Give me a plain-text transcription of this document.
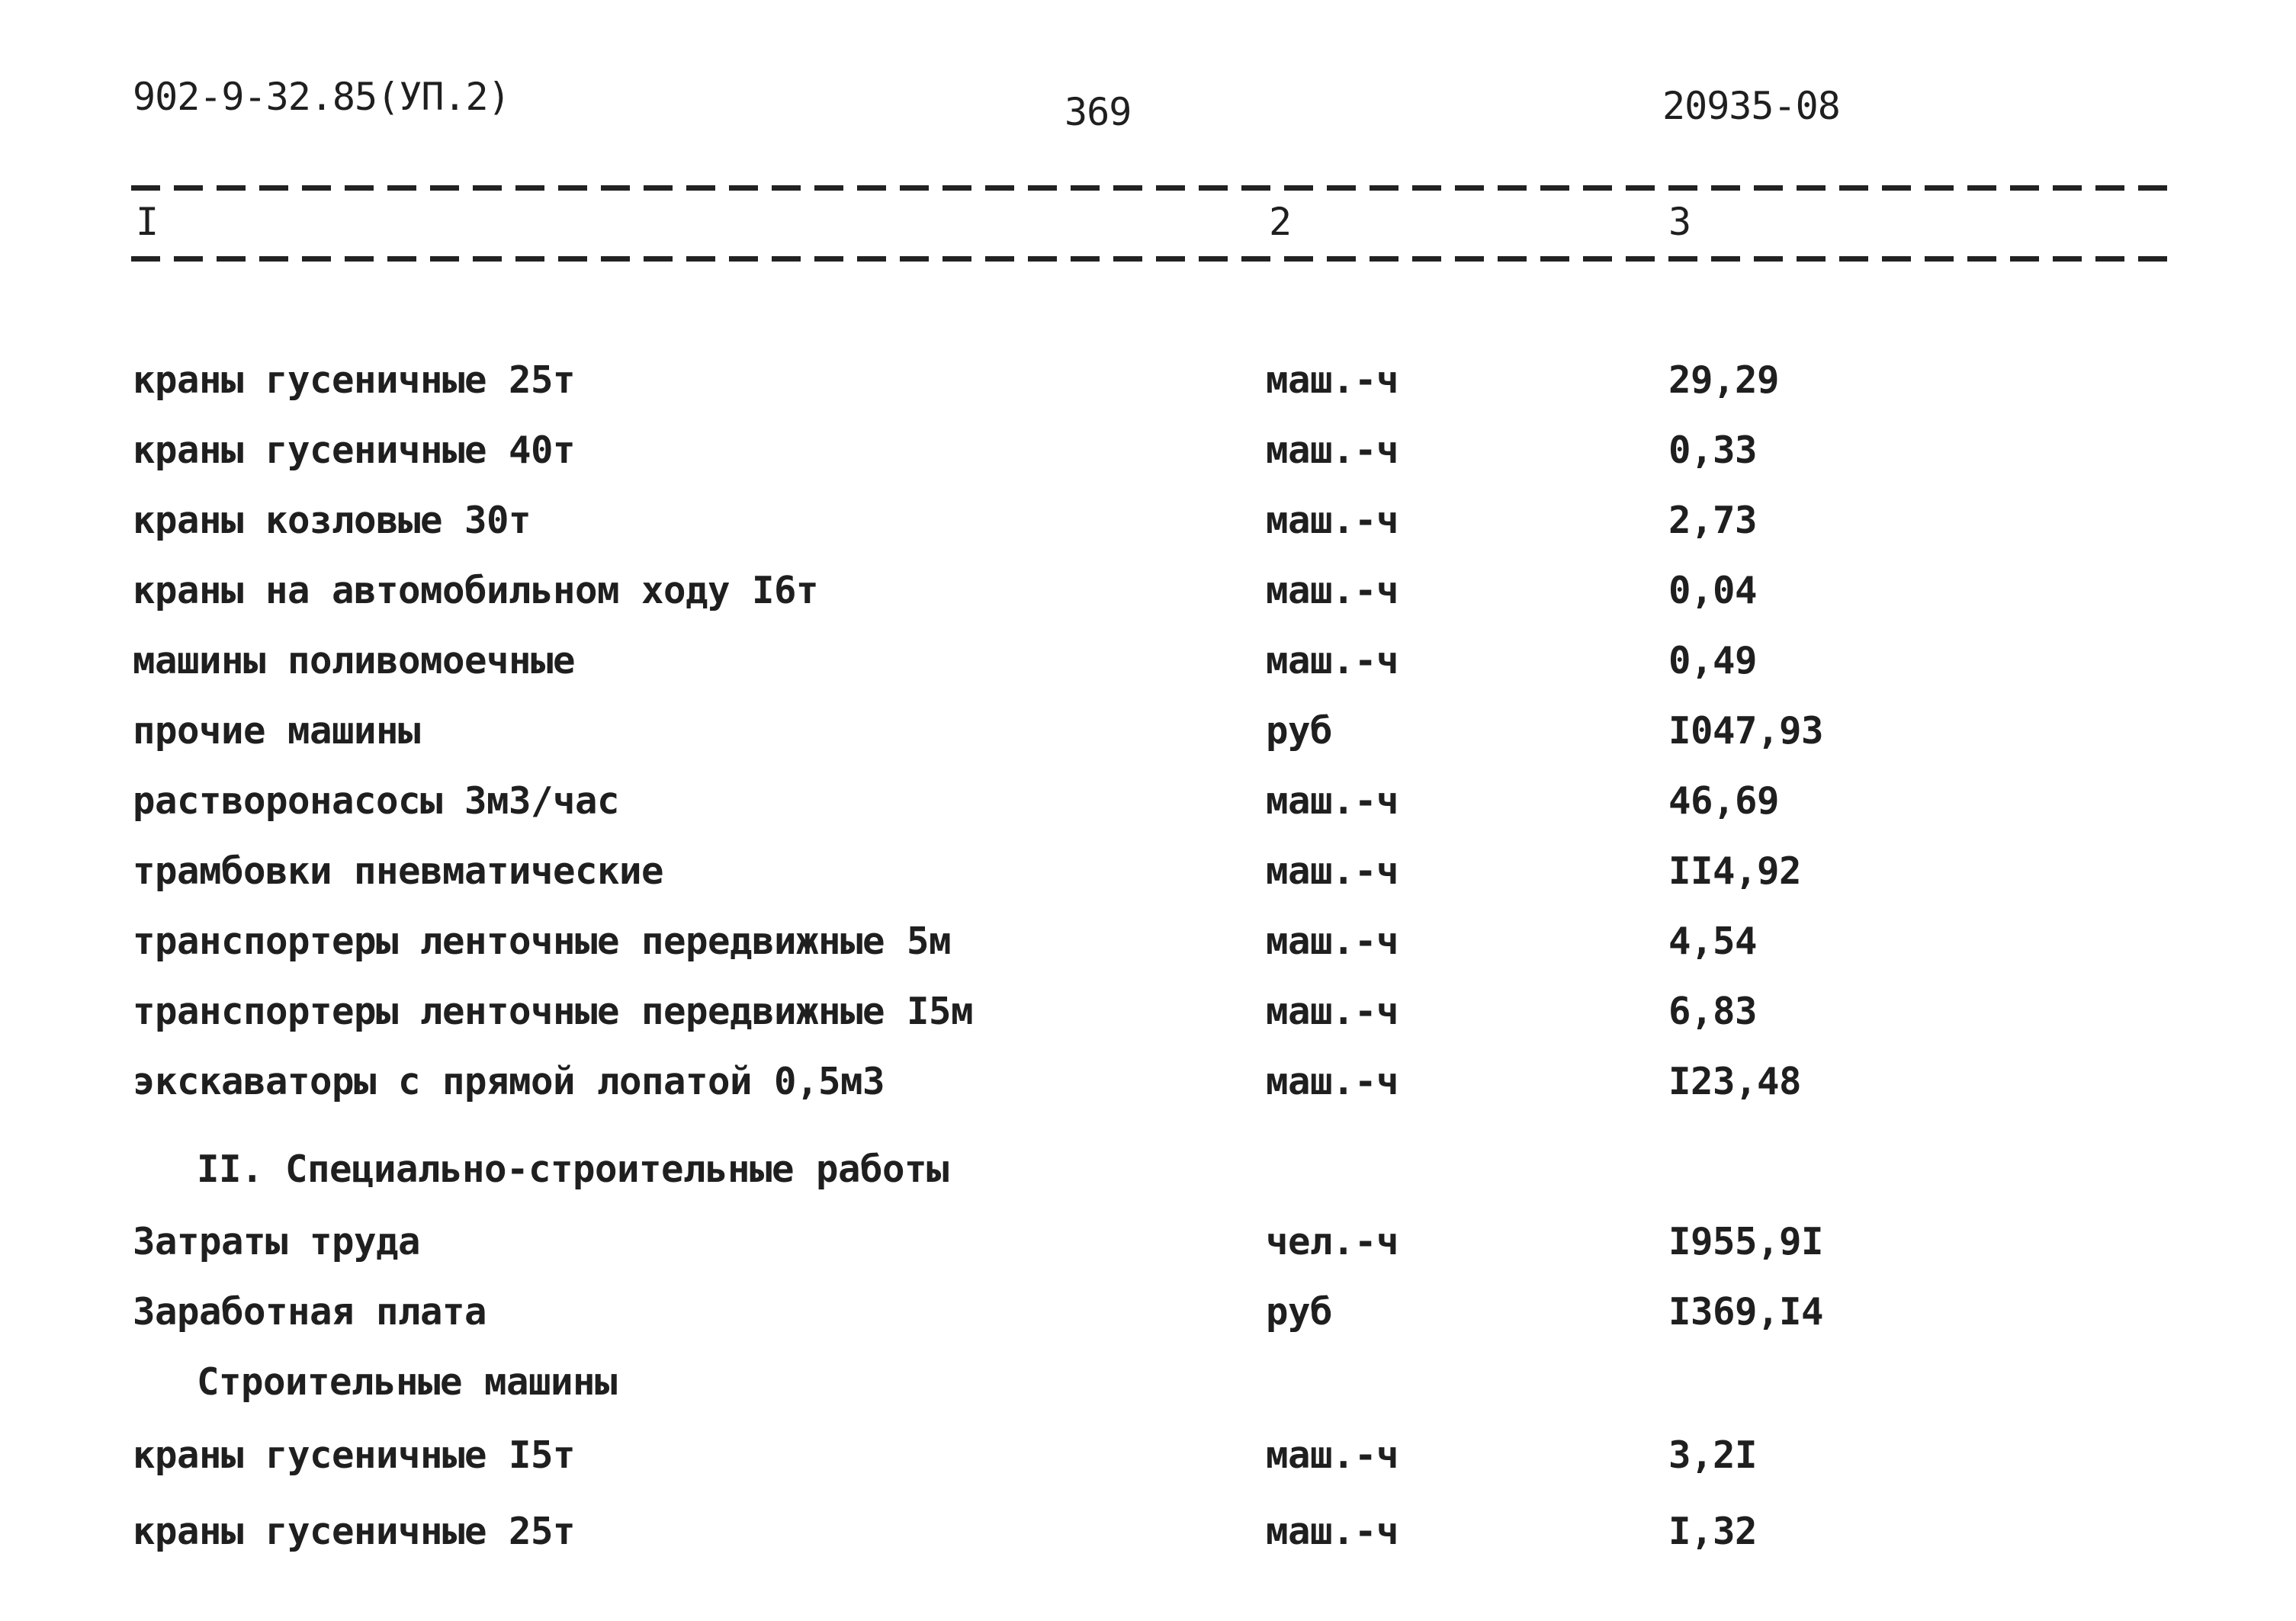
902-9-32.85(УП.2)	369	20935-08
I	2	3
краны гусеничные 25т	маш.-ч	29,29
краны гусеничные 40т	маш.-ч	0,33
краны козловые 30т	маш.-ч	2,73
краны на автомобильном ходу I6т	маш.-ч	0,04
машины поливомоечные	маш.-ч	0,49
прочие машины	руб	I047,93
растворонасосы 3м3/час	маш.-ч	46,69
трамбовки пневматические	маш.-ч	II4,92
транспортеры ленточные передвижные 5м	маш.-ч	4,54
транспортеры ленточные передвижные I5м	маш.-ч	6,83
экскаваторы с прямой лопатой 0,5м3	маш.-ч	I23,48
II. Специально-строительные работы
Затраты труда	чел.-ч	I955,9I
Заработная плата	руб	I369,I4
Строительные машины
краны гусеничные I5т	маш.-ч	3,2I
краны гусеничные 25т	маш.-ч	I,32
